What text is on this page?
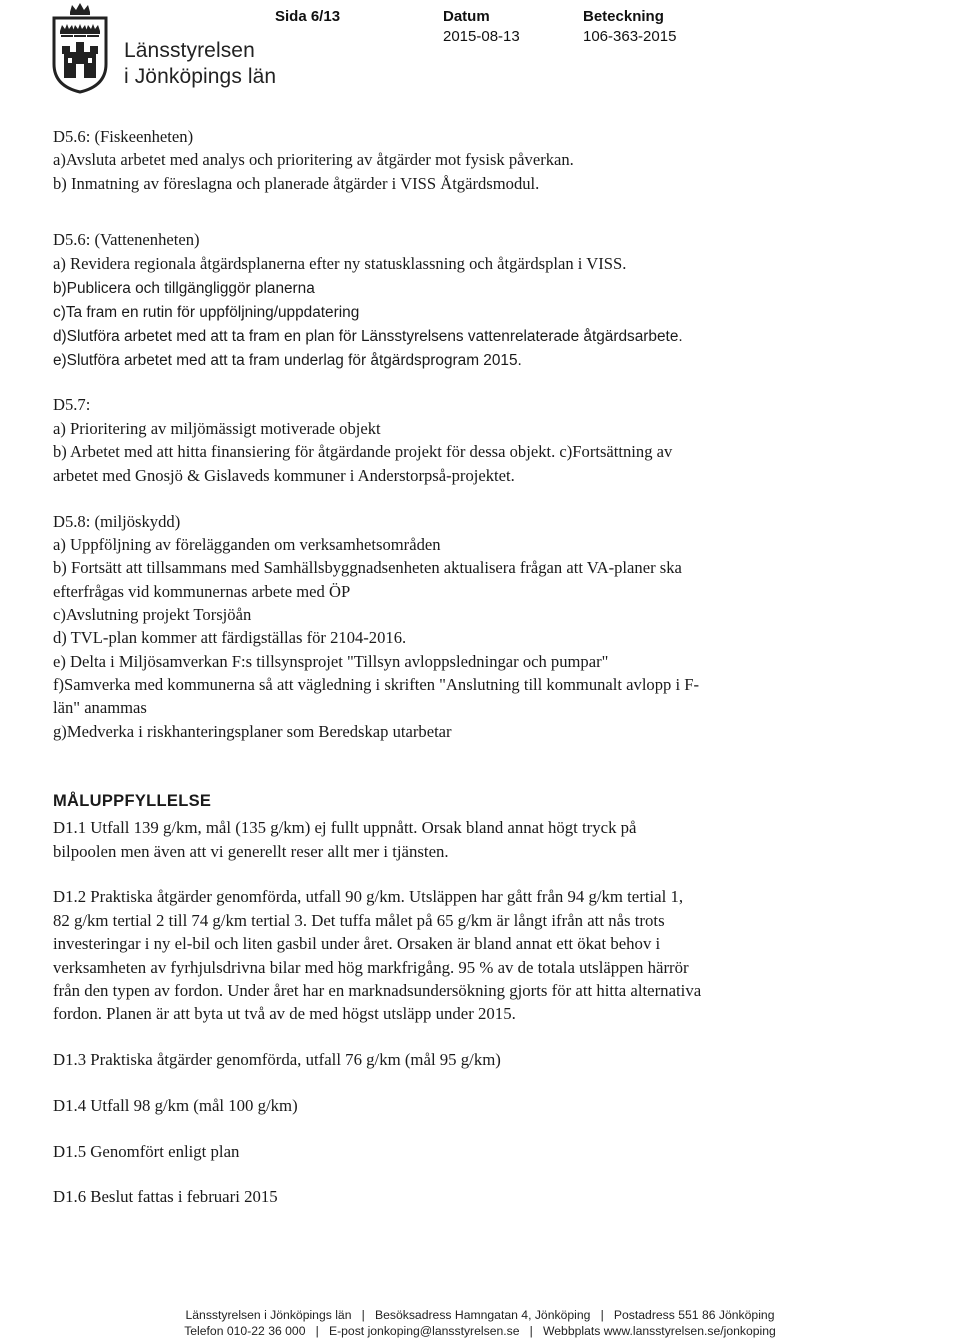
Länsstyrelsen
i Jönköpings län
Sida 6/13	Datum
2015-08-13
Beteckning
106-363-2015
D5.6: (Fiskeenheten)
a)Avsluta arbetet med analys och prioritering av åtgärder mot fysisk påverkan.
b) Inmatning av föreslagna och planerade åtgärder i VISS Åtgärdsmodul.
D5.6: (Vattenenheten)
a) Revidera regionala åtgärdsplanerna efter ny statusklassning och åtgärdsplan i VISS.
b)Publicera och tillgängliggör planerna
c)Ta fram en rutin för uppföljning/uppdatering
d)Slutföra arbetet med att ta fram en plan för Länsstyrelsens vattenrelaterade åtgärdsarbete.
e)Slutföra arbetet med att ta fram underlag för åtgärdsprogram 2015.
D5.7:
a) Prioritering av miljömässigt motiverade objekt
b) Arbetet med att hitta finansiering för åtgärdande projekt för dessa objekt. c)Fortsättning av
arbetet med Gnosjö & Gislaveds kommuner i Anderstorpså-projektet.
D5.8: (miljöskydd)
a) Uppföljning av förelägganden om verksamhetsområden
b) Fortsätt att tillsammans med Samhällsbyggnadsenheten aktualisera frågan att VA-planer ska
efterfrågas vid kommunernas arbete med ÖP
c)Avslutning projekt Torsjöån
d) TVL-plan kommer att färdigställas för 2104-2016.
e) Delta i Miljösamverkan F:s tillsynsprojet "Tillsyn avloppsledningar och pumpar"
f)Samverka med kommunerna så att vägledning i skriften "Anslutning till kommunalt avlopp i F-
län" anammas
g)Medverka i riskhanteringsplaner som Beredskap utarbetar
MÅLUPPFYLLELSE
D1.1 Utfall 139 g/km, mål (135 g/km) ej fullt uppnått. Orsak bland annat högt tryck på
bilpoolen men även att vi generellt reser allt mer i tjänsten.
D1.2 Praktiska åtgärder genomförda, utfall 90 g/km. Utsläppen har gått från 94 g/km tertial 1,
82 g/km tertial 2 till 74 g/km tertial 3. Det tuffa målet på 65 g/km är långt ifrån att nås trots
investeringar i ny el-bil och liten gasbil under året. Orsaken är bland annat ett ökat behov i
verksamheten av fyrhjulsdrivna bilar med hög markfrigång. 95 % av de totala utsläppen härrör
från den typen av fordon. Under året har en marknadsundersökning gjorts för att hitta alternativa
fordon. Planen är att byta ut två av de med högst utsläpp under 2015.
D1.3 Praktiska åtgärder genomförda, utfall 76 g/km (mål 95 g/km)
D1.4 Utfall 98 g/km (mål 100 g/km)
D1.5 Genomfört enligt plan
D1.6 Beslut fattas i februari 2015
Länsstyrelsen i Jönköpings län   |   Besöksadress Hamngatan 4, Jönköping   |   Postadress 551 86 Jönköping
Telefon 010-22 36 000   |   E-post jonkoping@lansstyrelsen.se   |   Webbplats www.lansstyrelsen.se/jonkoping
